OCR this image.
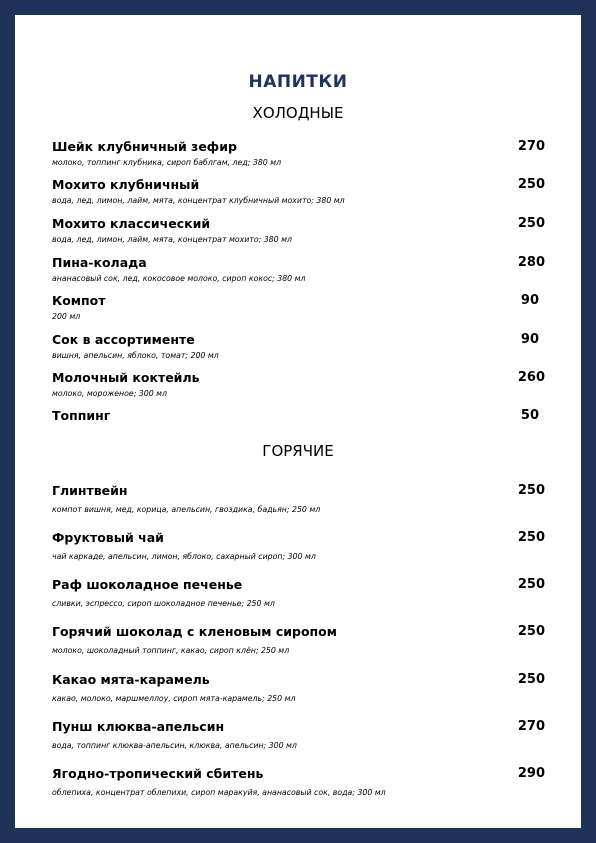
НАПИТКИ
ХОЛОДНЫЕ
Шейк клубничный зефир	270
молоко, топпинг клубника, сироп баблгам, лед; 380 мл
Мохито клубничный	250
вода, лед, лимон, лайм, мята, концентрат клубничный мохито; 380 мл
Мохито классический	250
вода, лед, лимон, лайм, мята, концентрат мохито; 380 мл
Пина-колада	280
ананасовый сок, лед, кокосовое молоко, сироп кокос; 380 мл
Компот	90
200 мл
Сок в ассортименте	90
вишня, апельсин, яблоко, томат; 200 мл
Молочный коктейль	260
молоко, мороженое; 300 мл
Топпинг	50
ГОРЯЧИЕ
Глинтвейн	250
компот вишня, мед, корица, апельсин, гвоздика, бадьян; 250 мл
Фруктовый чай	250
чай каркаде, апельсин, лимон, яблоко, сахарный сироп; 300 мл
Раф шоколадное печенье	250
сливки, эспрессо, сироп шоколадное печенье; 250 мл
Горячий шоколад с кленовым сиропом	250
молоко, шоколадный топпинг, какао, сироп клён; 250 мл
Какао мята-карамель	250
какао, молоко, маршмеллоу, сироп мята-карамель; 250 мл
Пунш клюква-апельсин	270
вода, топпинг клюква-апельсин, клюква, апельсин; 300 мл
Ягодно-тропический сбитень	290
облепиха, концентрат облепихи, сироп маракуйя, ананасовый сок, вода; 300 мл
